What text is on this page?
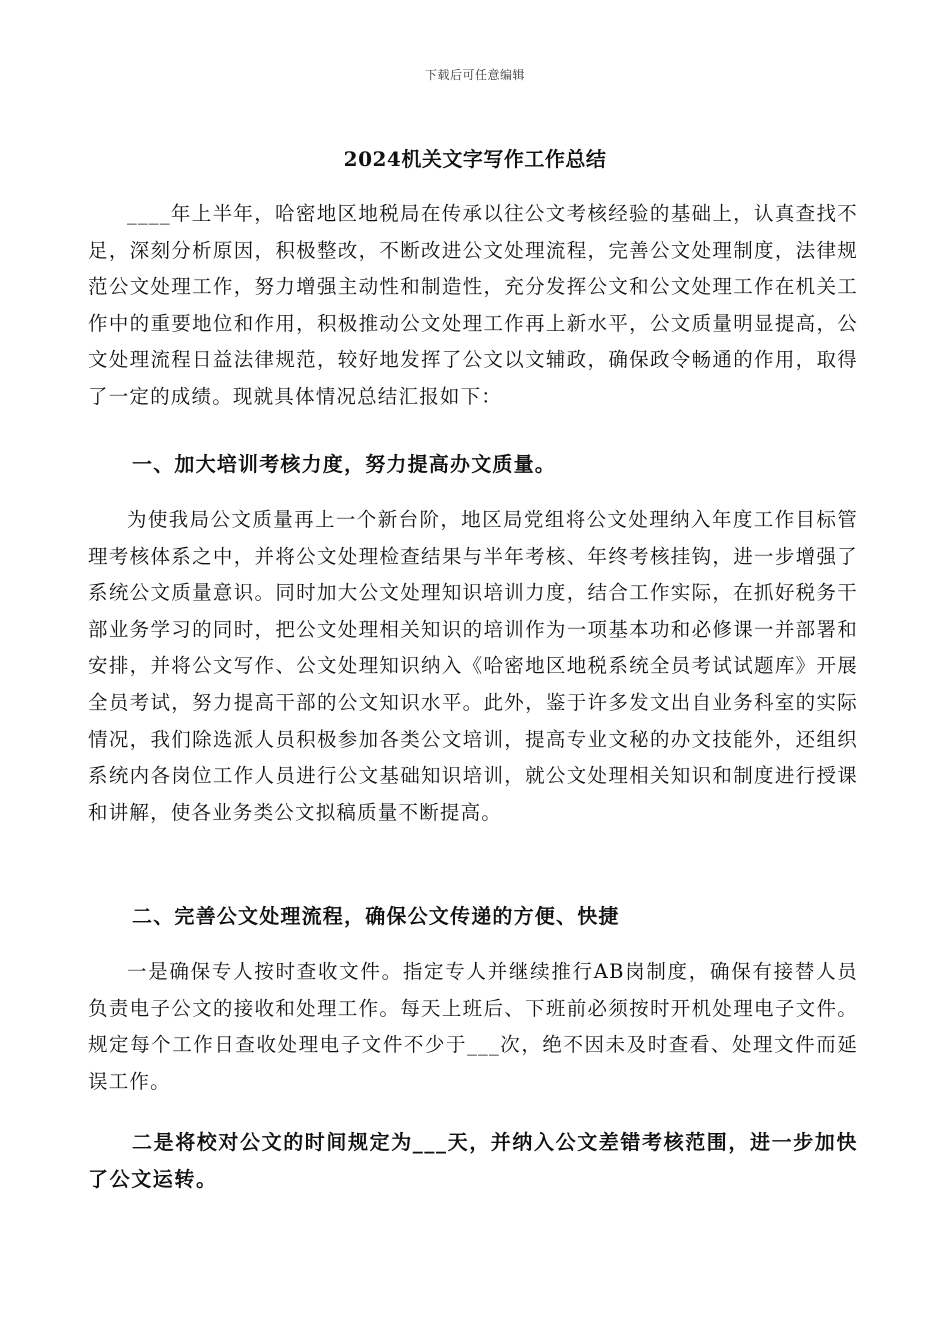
下载后可任意编辑
2024机关文字写作工作总结

____年上半年，哈密地区地税局在传承以往公文考核经验的基础上，认真查找不足，深刻分析原因，积极整改，不断改进公文处理流程，完善公文处理制度，法律规范公文处理工作，努力增强主动性和制造性，充分发挥公文和公文处理工作在机关工作中的重要地位和作用，积极推动公文处理工作再上新水平，公文质量明显提高，公文处理流程日益法律规范，较好地发挥了公文以文辅政，确保政令畅通的作用，取得了一定的成绩。现就具体情况总结汇报如下：

一、加大培训考核力度，努力提高办文质量。

为使我局公文质量再上一个新台阶，地区局党组将公文处理纳入年度工作目标管理考核体系之中，并将公文处理检查结果与半年考核、年终考核挂钩，进一步增强了系统公文质量意识。同时加大公文处理知识培训力度，结合工作实际，在抓好税务干部业务学习的同时，把公文处理相关知识的培训作为一项基本功和必修课一并部署和安排，并将公文写作、公文处理知识纳入《哈密地区地税系统全员考试试题库》开展全员考试，努力提高干部的公文知识水平。此外，鉴于许多发文出自业务科室的实际情况，我们除选派人员积极参加各类公文培训，提高专业文秘的办文技能外，还组织系统内各岗位工作人员进行公文基础知识培训，就公文处理相关知识和制度进行授课和讲解，使各业务类公文拟稿质量不断提高。

二、完善公文处理流程，确保公文传递的方便、快捷

一是确保专人按时查收文件。指定专人并继续推行AB岗制度，确保有接替人员负责电子公文的接收和处理工作。每天上班后、下班前必须按时开机处理电子文件。规定每个工作日查收处理电子文件不少于___次，绝不因未及时查看、处理文件而延误工作。

二是将校对公文的时间规定为___天，并纳入公文差错考核范围，进一步加快了公文运转。
